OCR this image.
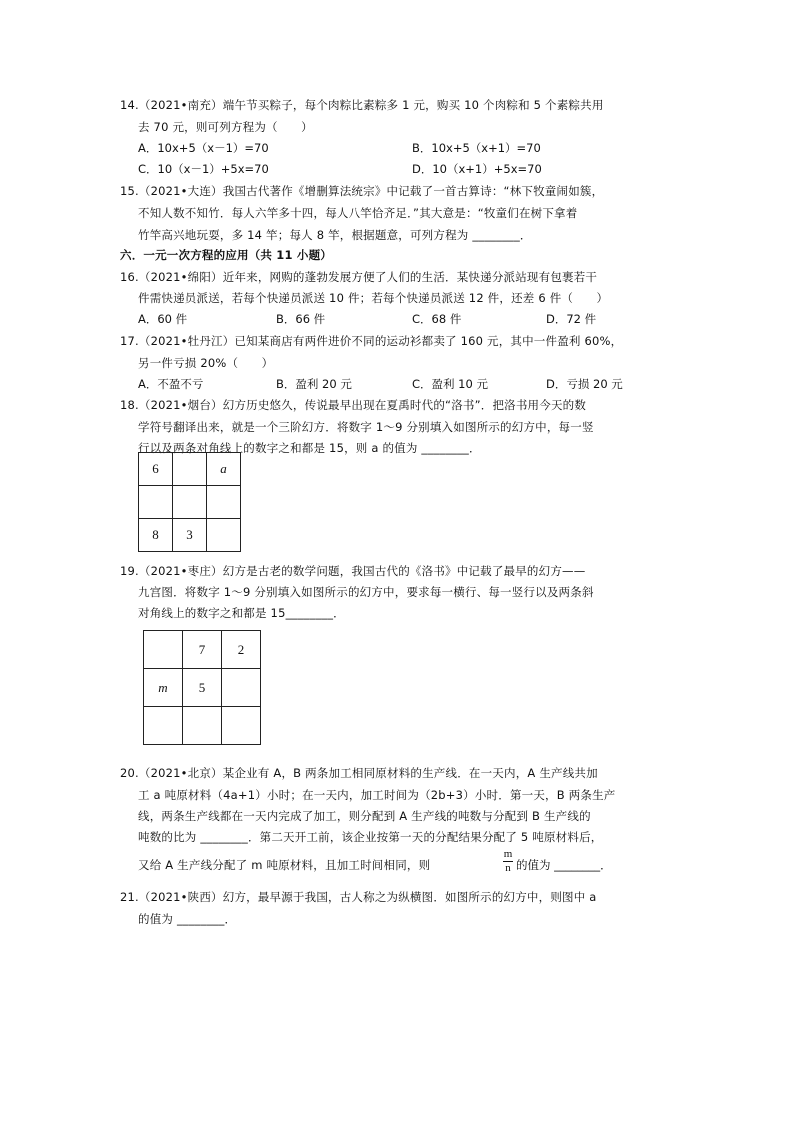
14.（2021•南充）端午节买粽子，每个肉粽比素粽多 1 元，购买 10 个肉粽和 5 个素粽共用
去 70 元，则可列方程为（　　）
A．10x+5（x－1）=70	B．10x+5（x+1）=70
C．10（x－1）+5x=70	D．10（x+1）+5x=70
15.（2021•大连）我国古代著作《增删算法统宗》中记载了一首古算诗：“林下牧童闹如簇，
不知人数不知竹．每人六竿多十四，每人八竿恰齐足．”其大意是：“牧童们在树下拿着
竹竿高兴地玩耍，多 14 竿；每人 8 竿，根据题意，可列方程为 ________．
六．一元一次方程的应用（共 11 小题）
16.（2021•绵阳）近年来，网购的蓬勃发展方便了人们的生活．某快递分派站现有包裹若干
件需快递员派送，若每个快递员派送 10 件；若每个快递员派送 12 件，还差 6 件（　　）
A．60 件	B．66 件	C．68 件	D．72 件
17.（2021•牡丹江）已知某商店有两件进价不同的运动衫都卖了 160 元，其中一件盈利 60%，
另一件亏损 20%（　　）
A．不盈不亏	B．盈利 20 元	C．盈利 10 元	D．亏损 20 元
18.（2021•烟台）幻方历史悠久，传说最早出现在夏禹时代的“洛书”．把洛书用今天的数
学符号翻译出来，就是一个三阶幻方．将数字 1～9 分别填入如图所示的幻方中，每一竖
行以及两条对角线上的数字之和都是 15，则 a 的值为 ________．
6		a

8	3	
19.（2021•枣庄）幻方是古老的数学问题，我国古代的《洛书》中记载了最早的幻方——
九宫图．将数字 1～9 分别填入如图所示的幻方中，要求每一横行、每一竖行以及两条斜
对角线上的数字之和都是 15________．
	7	2
m	5	

20.（2021•北京）某企业有 A，B 两条加工相同原材料的生产线．在一天内，A 生产线共加
工 a 吨原材料（4a+1）小时；在一天内，加工时间为（2b+3）小时．第一天，B 两条生产
线，两条生产线都在一天内完成了加工，则分配到 A 生产线的吨数与分配到 B 生产线的
吨数的比为 ________．第二天开工前，该企业按第一天的分配结果分配了 5 吨原材料后，
又给 A 生产线分配了 m 吨原材料，且加工时间相同，则
m
n 的值为 ________．
21.（2021•陕西）幻方，最早源于我国，古人称之为纵横图．如图所示的幻方中，则图中 a
的值为 ________．
